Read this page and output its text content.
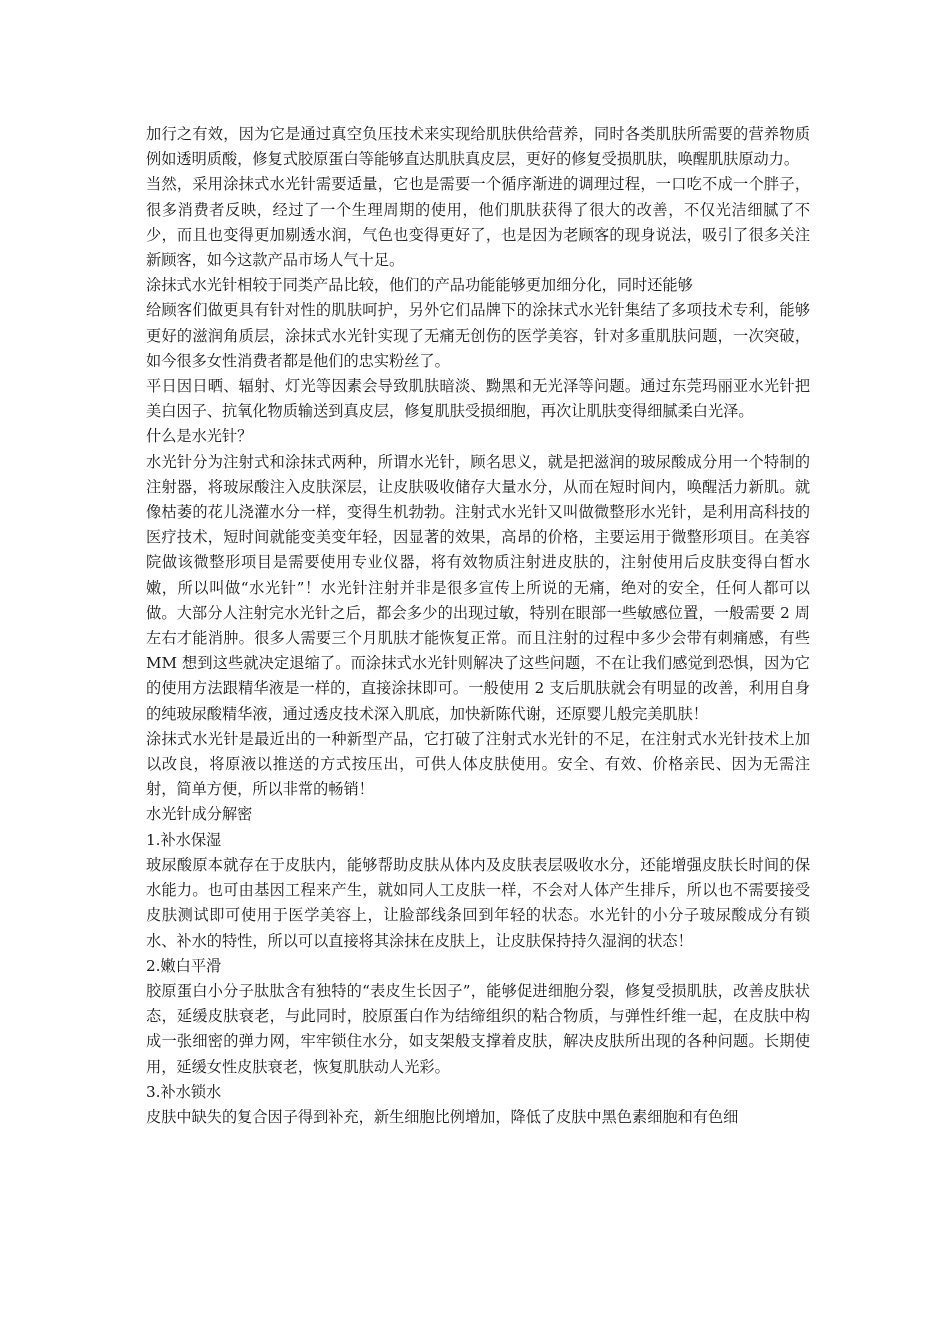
加行之有效，因为它是通过真空负压技术来实现给肌肤供给营养，同时各类肌肤所需要的营养物质例如透明质酸，修复式胶原蛋白等能够直达肌肤真皮层，更好的修复受损肌肤，唤醒肌肤原动力。

当然，采用涂抹式水光针需要适量，它也是需要一个循序渐进的调理过程，一口吃不成一个胖子，很多消费者反映，经过了一个生理周期的使用，他们肌肤获得了很大的改善，不仅光洁细腻了不少，而且也变得更加剔透水润，气色也变得更好了，也是因为老顾客的现身说法，吸引了很多关注新顾客，如今这款产品市场人气十足。

涂抹式水光针相较于同类产品比较，他们的产品功能能够更加细分化，同时还能够

给顾客们做更具有针对性的肌肤呵护，另外它们品牌下的涂抹式水光针集结了多项技术专利，能够更好的滋润角质层，涂抹式水光针实现了无痛无创伤的医学美容，针对多重肌肤问题，一次突破，如今很多女性消费者都是他们的忠实粉丝了。

平日因日晒、辐射、灯光等因素会导致肌肤暗淡、黝黑和无光泽等问题。通过东莞玛丽亚水光针把美白因子、抗氧化物质输送到真皮层，修复肌肤受损细胞，再次让肌肤变得细腻柔白光泽。

什么是水光针？

水光针分为注射式和涂抹式两种，所谓水光针，顾名思义，就是把滋润的玻尿酸成分用一个特制的注射器，将玻尿酸注入皮肤深层，让皮肤吸收储存大量水分，从而在短时间内，唤醒活力新肌。就像枯萎的花儿浇灌水分一样，变得生机勃勃。注射式水光针又叫做微整形水光针，是利用高科技的医疗技术，短时间就能变美变年轻，因显著的效果，高昂的价格，主要运用于微整形项目。在美容院做该微整形项目是需要使用专业仪器，将有效物质注射进皮肤的，注射使用后皮肤变得白皙水嫩，所以叫做“水光针”！水光针注射并非是很多宣传上所说的无痛，绝对的安全，任何人都可以做。大部分人注射完水光针之后，都会多少的出现过敏，特别在眼部一些敏感位置，一般需要 2 周左右才能消肿。很多人需要三个月肌肤才能恢复正常。而且注射的过程中多少会带有刺痛感，有些 MM 想到这些就决定退缩了。而涂抹式水光针则解决了这些问题，不在让我们感觉到恐惧，因为它的使用方法跟精华液是一样的，直接涂抹即可。一般使用 2 支后肌肤就会有明显的改善，利用自身的纯玻尿酸精华液，通过透皮技术深入肌底，加快新陈代谢，还原婴儿般完美肌肤！

涂抹式水光针是最近出的一种新型产品，它打破了注射式水光针的不足，在注射式水光针技术上加以改良，将原液以推送的方式按压出，可供人体皮肤使用。安全、有效、价格亲民、因为无需注射，简单方便，所以非常的畅销！

水光针成分解密

1.补水保湿

玻尿酸原本就存在于皮肤内，能够帮助皮肤从体内及皮肤表层吸收水分，还能增强皮肤长时间的保水能力。也可由基因工程来产生，就如同人工皮肤一样，不会对人体产生排斥，所以也不需要接受皮肤测试即可使用于医学美容上，让脸部线条回到年轻的状态。水光针的小分子玻尿酸成分有锁水、补水的特性，所以可以直接将其涂抹在皮肤上，让皮肤保持持久湿润的状态！

2.嫩白平滑

胶原蛋白小分子肽肽含有独特的“表皮生长因子”，能够促进细胞分裂，修复受损肌肤，改善皮肤状态，延缓皮肤衰老，与此同时，胶原蛋白作为结缔组织的粘合物质，与弹性纤维一起，在皮肤中构成一张细密的弹力网，牢牢锁住水分，如支架般支撑着皮肤，解决皮肤所出现的各种问题。长期使用，延缓女性皮肤衰老，恢复肌肤动人光彩。

3.补水锁水

皮肤中缺失的复合因子得到补充，新生细胞比例增加，降低了皮肤中黑色素细胞和有色细
